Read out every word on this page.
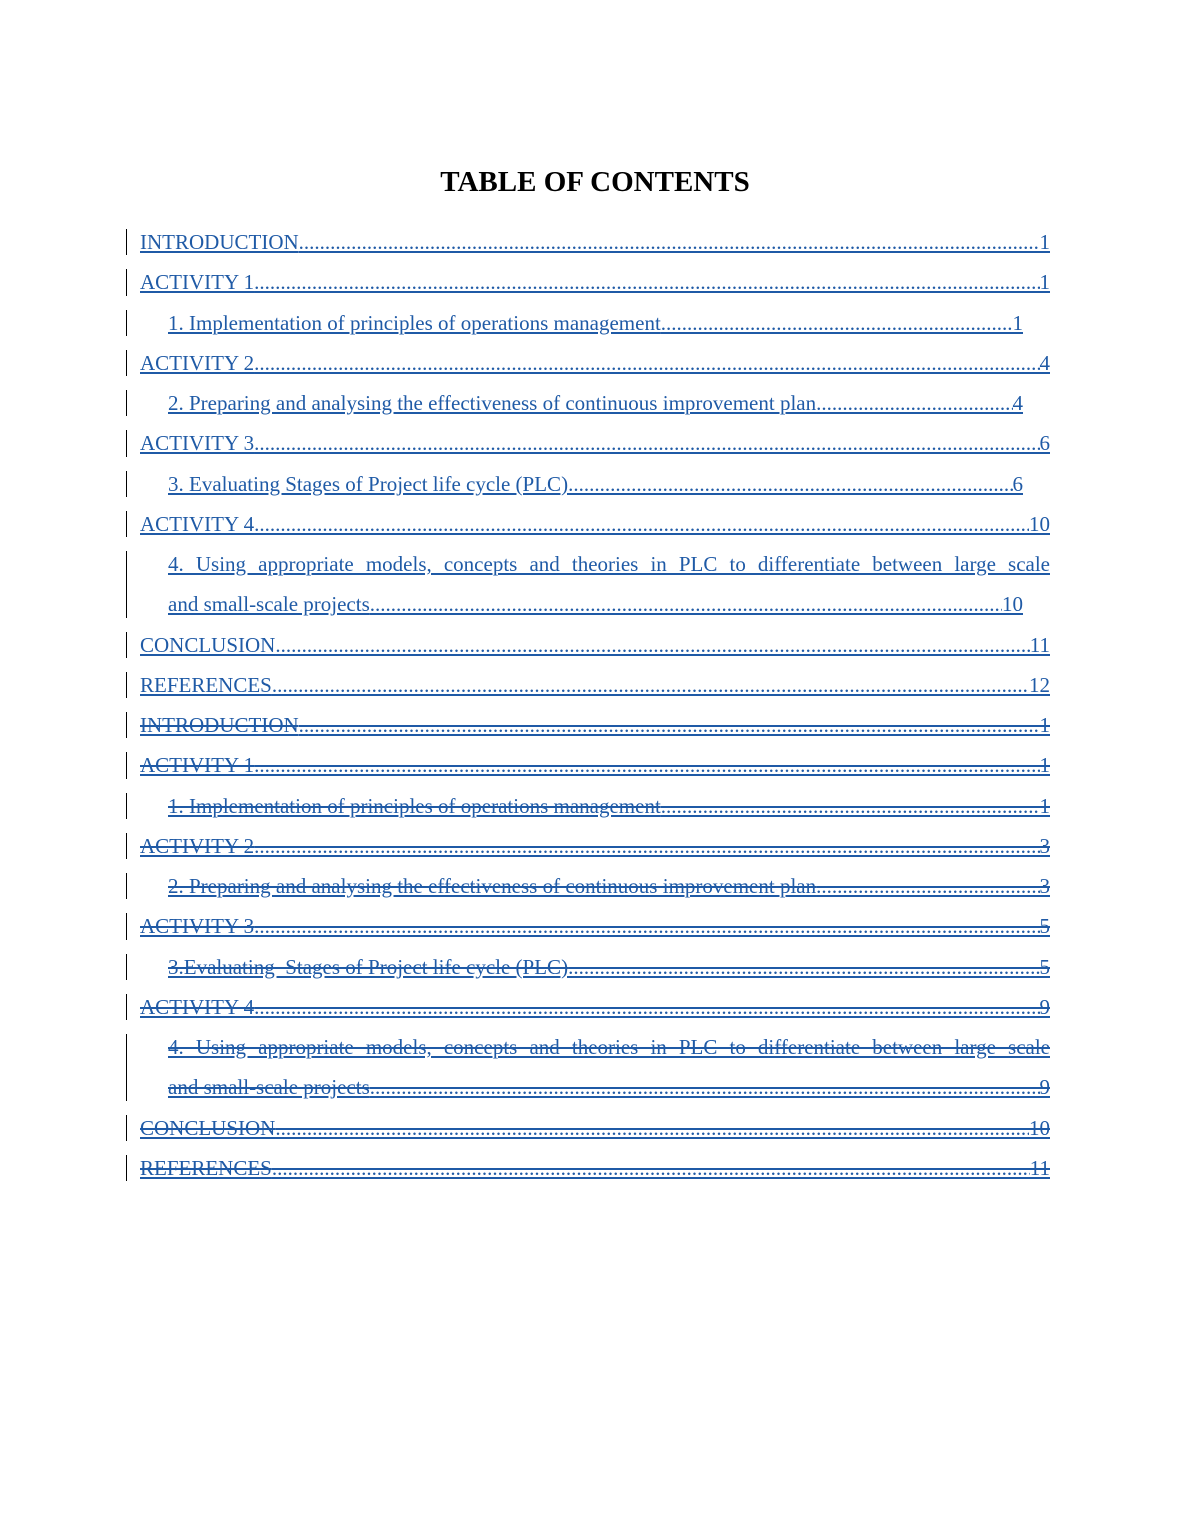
TABLE OF CONTENTS
INTRODUCTION .....	1
ACTIVITY 1 .....	1
1. Implementation of principles of operations management .....	1
ACTIVITY 2 .....	4
2. Preparing and analysing the effectiveness of continuous improvement plan .....	4
ACTIVITY 3 .....	6
3. Evaluating Stages of Project life cycle (PLC) .....	6
ACTIVITY 4 .....	10
4. Using appropriate models, concepts and theories in PLC to differentiate between large scale
and small-scale projects .....	10
CONCLUSION .....	11
REFERENCES .....	12
INTRODUCTION .....	1
ACTIVITY 1 .....	1
1. Implementation of principles of operations management .....	1
ACTIVITY 2 .....	3
2. Preparing and analysing the effectiveness of continuous improvement plan .....	3
ACTIVITY 3 .....	5
3.Evaluating  Stages of Project life cycle (PLC) .....	5
ACTIVITY 4 .....	9
4. Using appropriate models, concepts and theories in PLC to differentiate between large scale
and small-scale projects .....	9
CONCLUSION .....	10
REFERENCES .....	11
